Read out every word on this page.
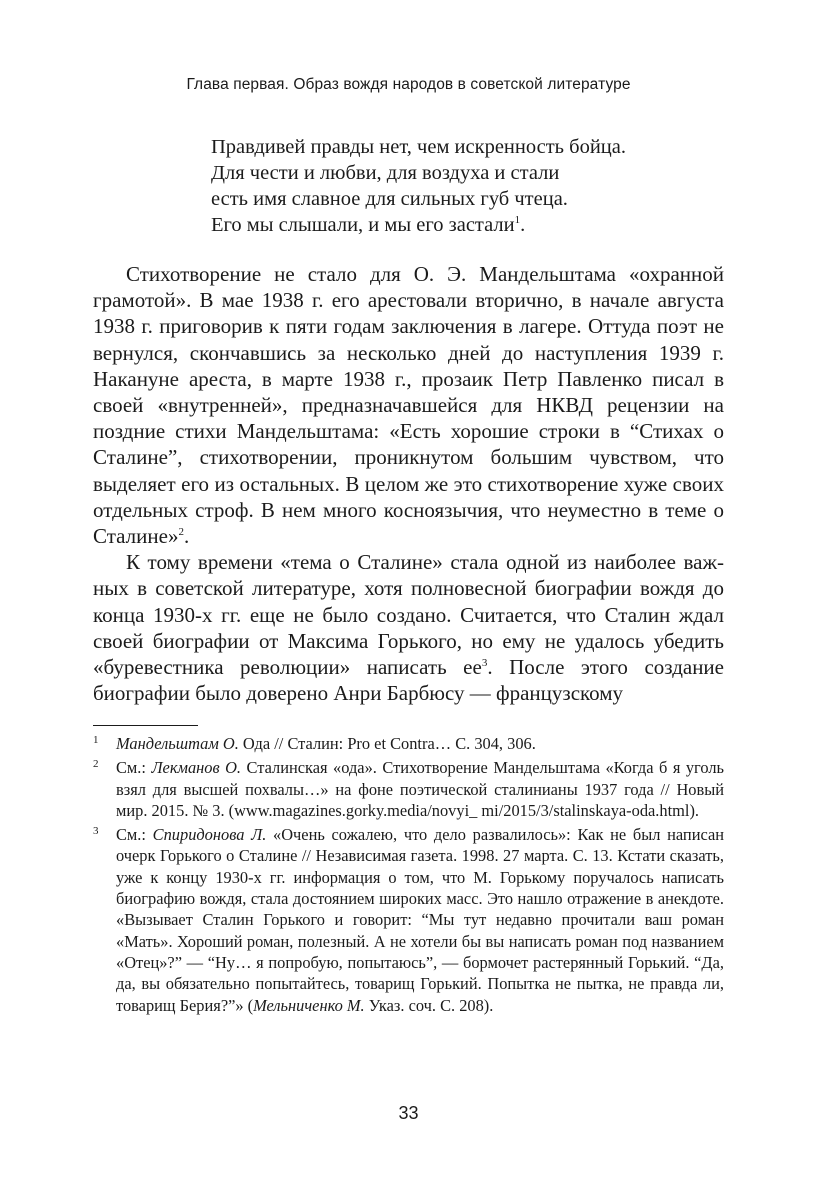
Глава первая. Образ вождя народов в советской литературе
Правдивей правды нет, чем искренность бойца.
Для чести и любви, для воздуха и стали
есть имя славное для сильных губ чтеца.
Его мы слышали, и мы его застали$^1$.

Стихотворение не стало для О. Э. Мандельштама «охранной грамотой». В мае 1938 г. его арестовали вторично, в начале августа 1938 г. приговорив к пяти годам заключения в лагере. Оттуда поэт не вернулся, скончавшись за несколько дней до наступления 1939 г. Накануне ареста, в марте 1938 г., прозаик Петр Павленко писал в своей «внутренней», предназначавшейся для НКВД рецензии на поздние стихи Мандельштама: «Есть хорошие строки в “Стихах о Сталине”, стихотворении, проникнутом большим чувством, что выделяет его из остальных. В целом же это стихотворение хуже своих отдельных строф. В нем много косноязычия, что неуместно в теме о Сталине»$^2$.

К тому времени «тема о Сталине» стала одной из наиболее важных в советской литературе, хотя полновесной биографии вождя до конца 1930-х гг. еще не было создано. Считается, что Сталин ждал своей биографии от Максима Горького, но ему не удалось убедить «буревестника революции» написать $ее^3$. После этого создание биографии было доверено Анри Барбюсу — французскому

1 Мандельштам О. Ода // Сталин: Pro et Contra… С. 304, 306.
2 См.: Лекманов О. Сталинская «ода». Стихотворение Мандельштама «Когда б я уголь взял для высшей похвалы…» на фоне поэтической сталинианы 1937 года // Новый мир. 2015. № 3. (www.magazines.gorky.media/novyi_ mi/2015/3/stalinskaya-oda.html).
3 См.: Спиридонова Л. «Очень сожалею, что дело развалилось»: Как не был написан очерк Горького о Сталине // Независимая газета. 1998. 27 марта. С. 13. Кстати сказать, уже к концу 1930-х гг. информация о том, что М. Горькому поручалось написать биографию вождя, стала достоянием широких масс. Это нашло отражение в анекдоте. «Вызывает Сталин Горького и говорит: “Мы тут недавно прочитали ваш роман «Мать». Хороший роман, полезный. А не хотели бы вы написать роман под названием «Отец»?” — “Ну… я попробую, попытаюсь”, — бормочет растерянный Горький. “Да, да, вы обязательно попытайтесь, товарищ Горький. Попытка не пытка, не правда ли, товарищ Берия?”» (Мельниченко М. Указ. соч. С. 208).
33
